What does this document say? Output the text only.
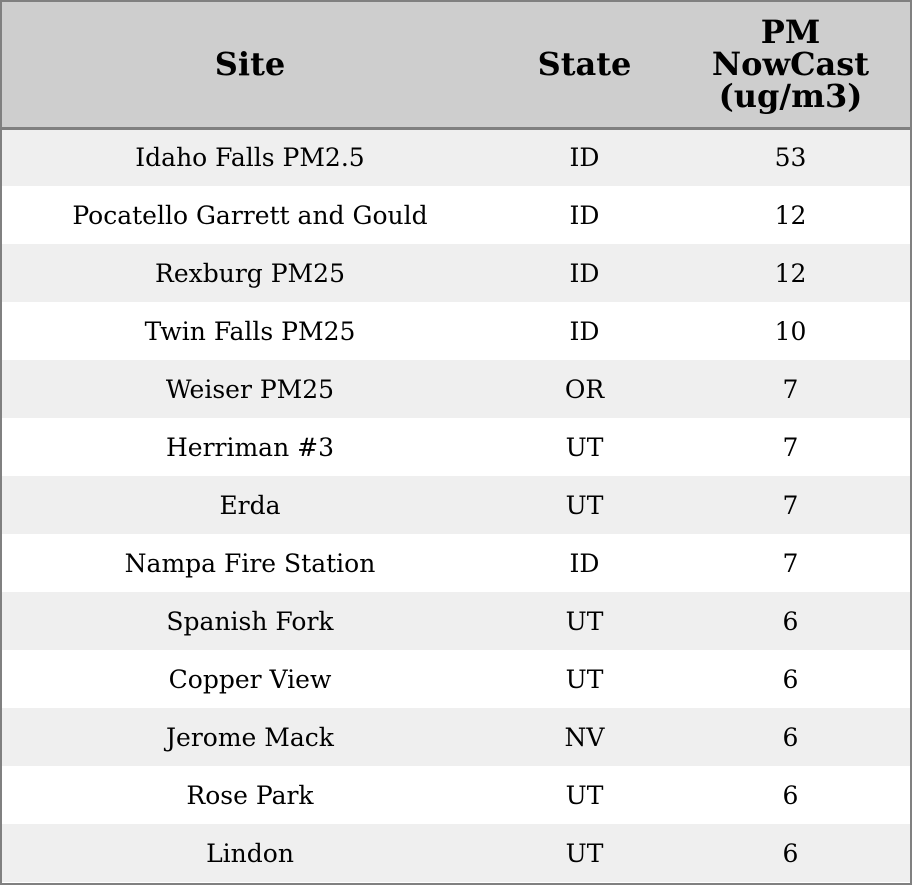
Site	State	PM
NowCast
(ug/m3)
Idaho Falls PM2.5	ID	53
Pocatello Garrett and Gould	ID	12
Rexburg PM25	ID	12
Twin Falls PM25	ID	10
Weiser PM25	OR	7
Herriman #3	UT	7
Erda	UT	7
Nampa Fire Station	ID	7
Spanish Fork	UT	6
Copper View	UT	6
Jerome Mack	NV	6
Rose Park	UT	6
Lindon	UT	6
